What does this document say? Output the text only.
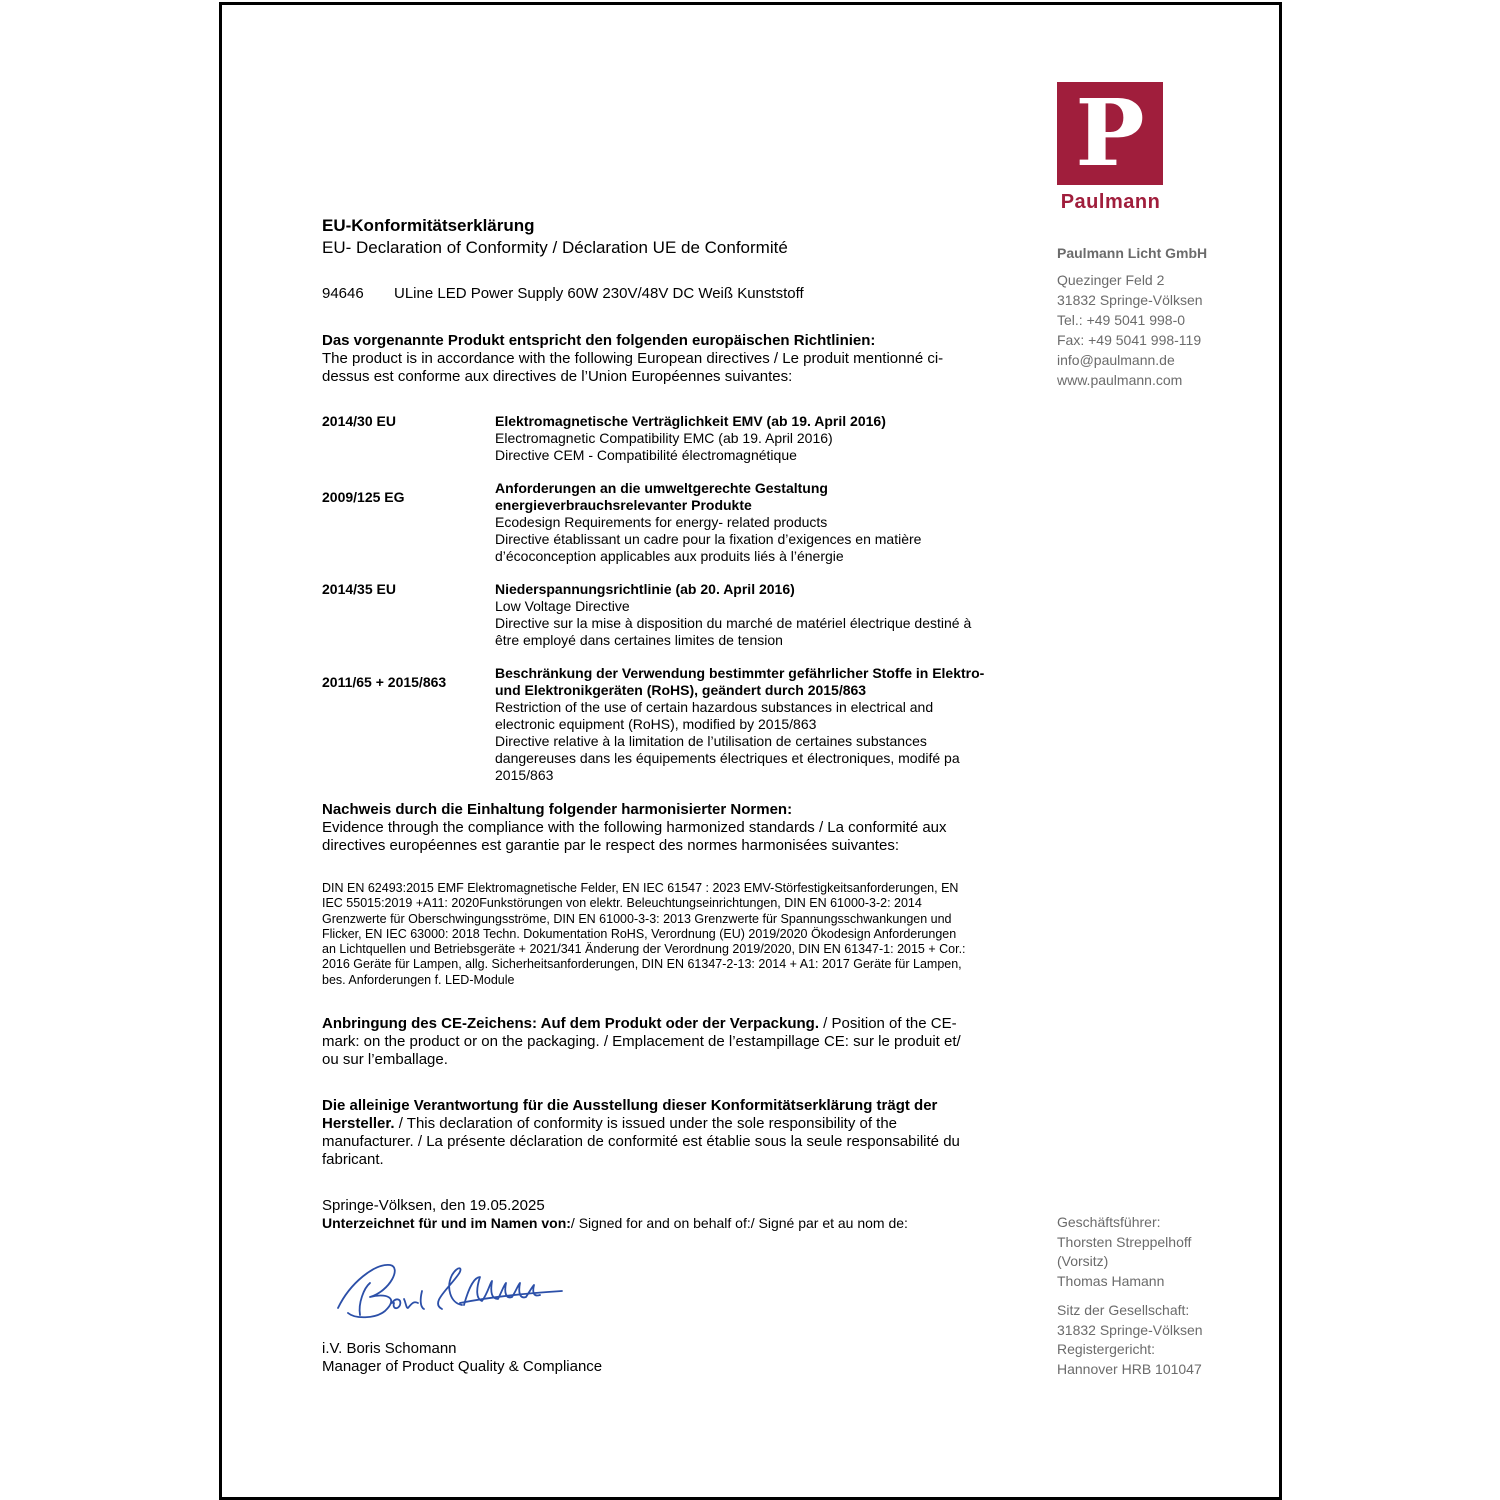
P
Paulmann
Paulmann Licht GmbH
Quezinger Feld 2
31832 Springe-Völksen
Tel.: +49 5041 998-0
Fax: +49 5041 998-119
info@paulmann.de
www.paulmann.com
EU-Konformitätserklärung
EU- Declaration of Conformity / Déclaration UE de Conformité
94646 ULine LED Power Supply 60W 230V/48V DC Weiß Kunststoff
Das vorgenannte Produkt entspricht den folgenden europäischen Richtlinien:
The product is in accordance with the following European directives / Le produit mentionné ci-
dessus est conforme aux directives de l’Union Européennes suivantes:
2014/30 EU	Elektromagnetische Verträglichkeit EMV (ab 19. April 2016)
Electromagnetic Compatibility EMC (ab 19. April 2016)
Directive CEM - Compatibilité électromagnétique
2009/125 EG
Anforderungen an die umweltgerechte Gestaltung
energieverbrauchsrelevanter Produkte
Ecodesign Requirements for energy- related products
Directive établissant un cadre pour la fixation d’exigences en matière
d’écoconception applicables aux produits liés à l’énergie
2014/35 EU	Niederspannungsrichtlinie (ab 20. April 2016)
Low Voltage Directive
Directive sur la mise à disposition du marché de matériel électrique destiné à
être employé dans certaines limites de tension
2011/65 + 2015/863
Beschränkung der Verwendung bestimmter gefährlicher Stoffe in Elektro-
und Elektronikgeräten (RoHS), geändert durch 2015/863
Restriction of the use of certain hazardous substances in electrical and
electronic equipment (RoHS), modified by 2015/863
Directive relative à la limitation de l’utilisation de certaines substances
dangereuses dans les équipements électriques et électroniques, modifé pa
2015/863
Nachweis durch die Einhaltung folgender harmonisierter Normen:
Evidence through the compliance with the following harmonized standards / La conformité aux
directives européennes est garantie par le respect des normes harmonisées suivantes:
DIN EN 62493:2015 EMF Elektromagnetische Felder, EN IEC 61547 : 2023 EMV-Störfestigkeitsanforderungen, EN
IEC 55015:2019 +A11: 2020Funkstörungen von elektr. Beleuchtungseinrichtungen, DIN EN 61000-3-2: 2014
Grenzwerte für Oberschwingungsströme, DIN EN 61000-3-3: 2013 Grenzwerte für Spannungsschwankungen und
Flicker, EN IEC 63000: 2018 Techn. Dokumentation RoHS, Verordnung (EU) 2019/2020 Ökodesign Anforderungen
an Lichtquellen und Betriebsgeräte + 2021/341 Änderung der Verordnung 2019/2020, DIN EN 61347-1: 2015 + Cor.:
2016 Geräte für Lampen, allg. Sicherheitsanforderungen, DIN EN 61347-2-13: 2014 + A1: 2017 Geräte für Lampen,
bes. Anforderungen f. LED-Module
Anbringung des CE-Zeichens: Auf dem Produkt oder der Verpackung. / Position of the CE-
mark: on the product or on the packaging. / Emplacement de l’estampillage CE: sur le produit et/
ou sur l’emballage.
Die alleinige Verantwortung für die Ausstellung dieser Konformitätserklärung trägt der
Hersteller. / This declaration of conformity is issued under the sole responsibility of the
manufacturer. / La présente déclaration de conformité est établie sous la seule responsabilité du
fabricant.
Springe-Völksen, den 19.05.2025
Unterzeichnet für und im Namen von:/ Signed for and on behalf of:/ Signé par et au nom de:
i.V. Boris Schomann
Manager of Product Quality & Compliance
Geschäftsführer:
Thorsten Streppelhoff
(Vorsitz)
Thomas Hamann
Sitz der Gesellschaft:
31832 Springe-Völksen
Registergericht:
Hannover HRB 101047
